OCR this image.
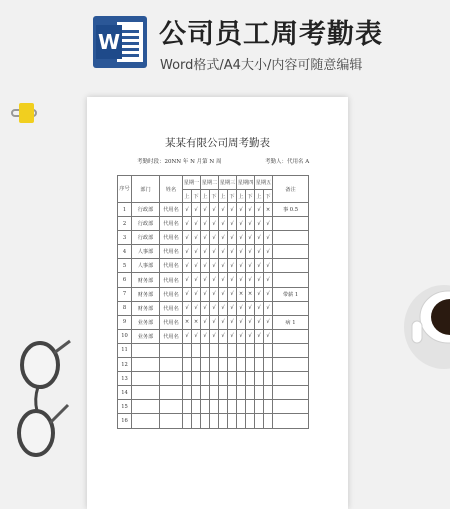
W 公司员工周考勤表
Word格式/A4大小/内容可随意编辑
某某有限公司周考勤表
考勤时段：20NN 年 N 月第 N 周	考勤人：代用名 A
序号	部门	姓名	星期一		星期二		星期三		星期四		星期五		备注
			上	下	上	下	上	下	上	下	上	下	
1	行政部	代用名	√	√	√	√	√	√	√	√	√	×	事 0.5
2	行政部	代用名	√	√	√	√	√	√	√	√	√	√	
3	行政部	代用名	√	√	√	√	√	√	√	√	√	√	
4	人事部	代用名	√	√	√	√	√	√	√	√	√	√	
5	人事部	代用名	√	√	√	√	√	√	√	√	√	√	
6	财务部	代用名	√	√	√	√	√	√	√	√	√	√	
7	财务部	代用名	√	√	√	√	√	√	×	×	√	√	带薪 1
8	财务部	代用名	√	√	√	√	√	√	√	√	√	√	
9	业务部	代用名	×	×	√	√	√	√	√	√	√	√	病 1
10	业务部	代用名	√	√	√	√	√	√	√	√	√	√	
11													
12													
13													
14													
15													
16													
